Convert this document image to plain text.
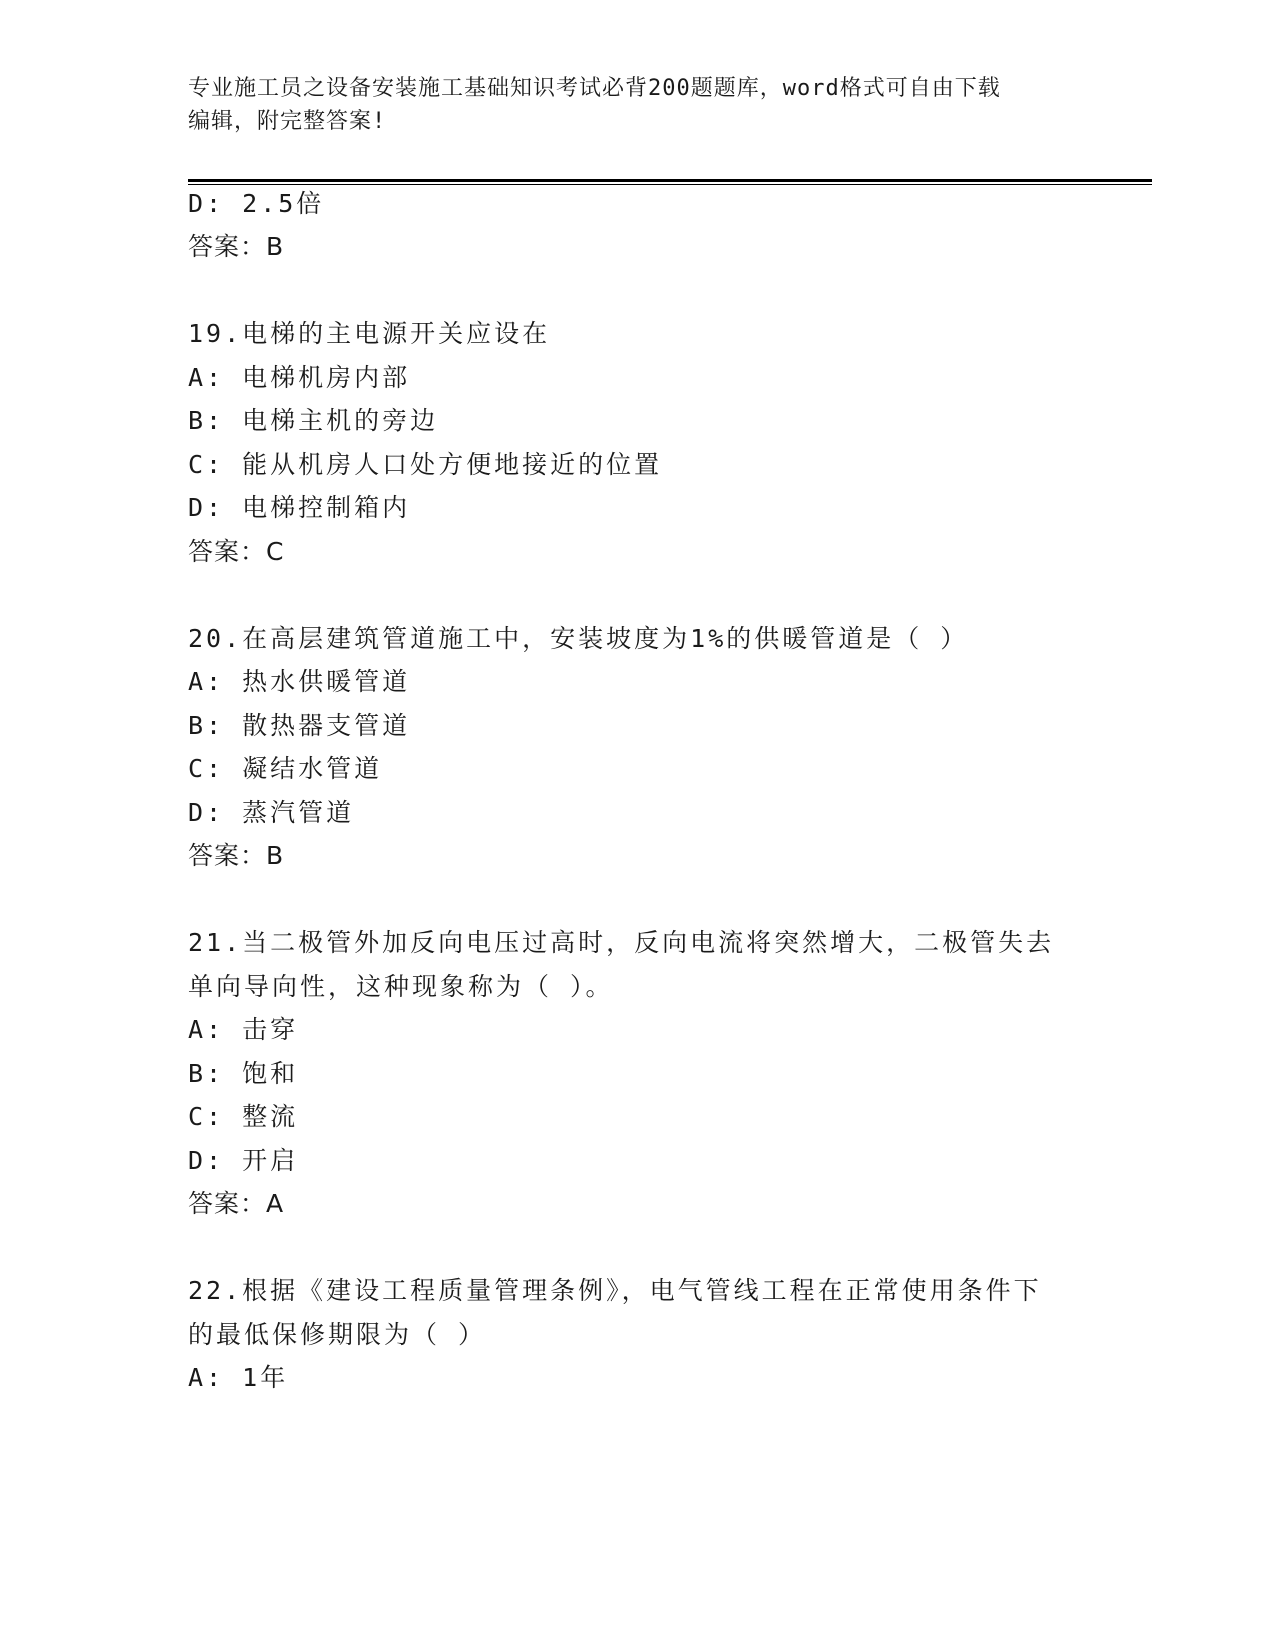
专业施工员之设备安装施工基础知识考试必背200题题库，word格式可自由下载
编辑，附完整答案!
D: 2.5倍
答案：B
19.电梯的主电源开关应设在
A: 电梯机房内部
B: 电梯主机的旁边
C: 能从机房人口处方便地接近的位置
D: 电梯控制箱内
答案：C
20.在高层建筑管道施工中，安装坡度为1%的供暖管道是（ ）
A: 热水供暖管道
B: 散热器支管道
C: 凝结水管道
D: 蒸汽管道
答案：B
21.当二极管外加反向电压过高时，反向电流将突然增大，二极管失去
单向导向性，这种现象称为（ ）。
A: 击穿
B: 饱和
C: 整流
D: 开启
答案：A
22.根据《建设工程质量管理条例》，电气管线工程在正常使用条件下
的最低保修期限为（ ）
A: 1年
